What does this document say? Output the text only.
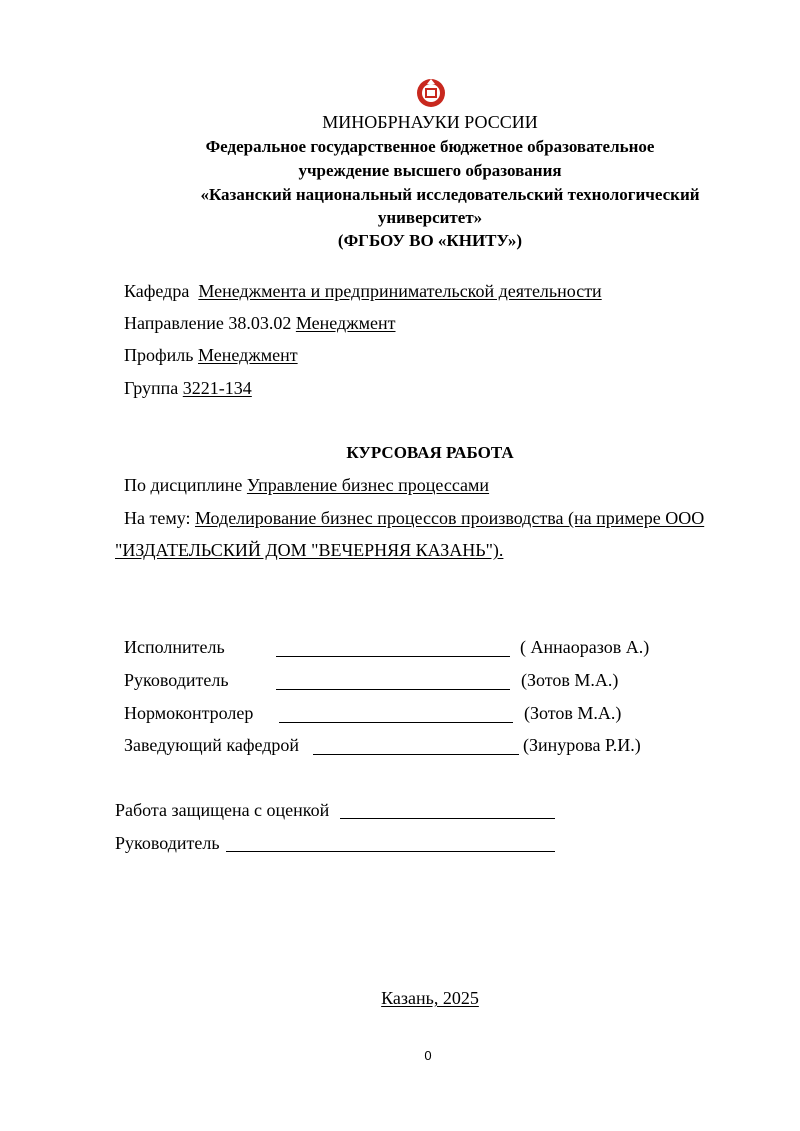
МИНОБРНАУКИ РОССИИ
Федеральное государственное бюджетное образовательное
учреждение высшего образования
«Казанский национальный исследовательский технологический
университет»
(ФГБОУ ВО «КНИТУ»)
Кафедра Менеджмента и предпринимательской деятельности
Направление 38.03.02 Менеджмент
Профиль Менеджмент
Группа 3221-134
КУРСОВАЯ РАБОТА
По дисциплине Управление бизнес процессами
На тему: Моделирование бизнес процессов производства (на примере ООО
"ИЗДАТЕЛЬСКИЙ ДОМ "ВЕЧЕРНЯЯ КАЗАНЬ").
Исполнитель	( Аннаоразов А.)
Руководитель	(Зотов М.А.)
Нормоконтролер	(Зотов М.А.)
Заведующий кафедрой	(Зинурова Р.И.)
Работа защищена с оценкой
Руководитель
Казань, 2025
0
